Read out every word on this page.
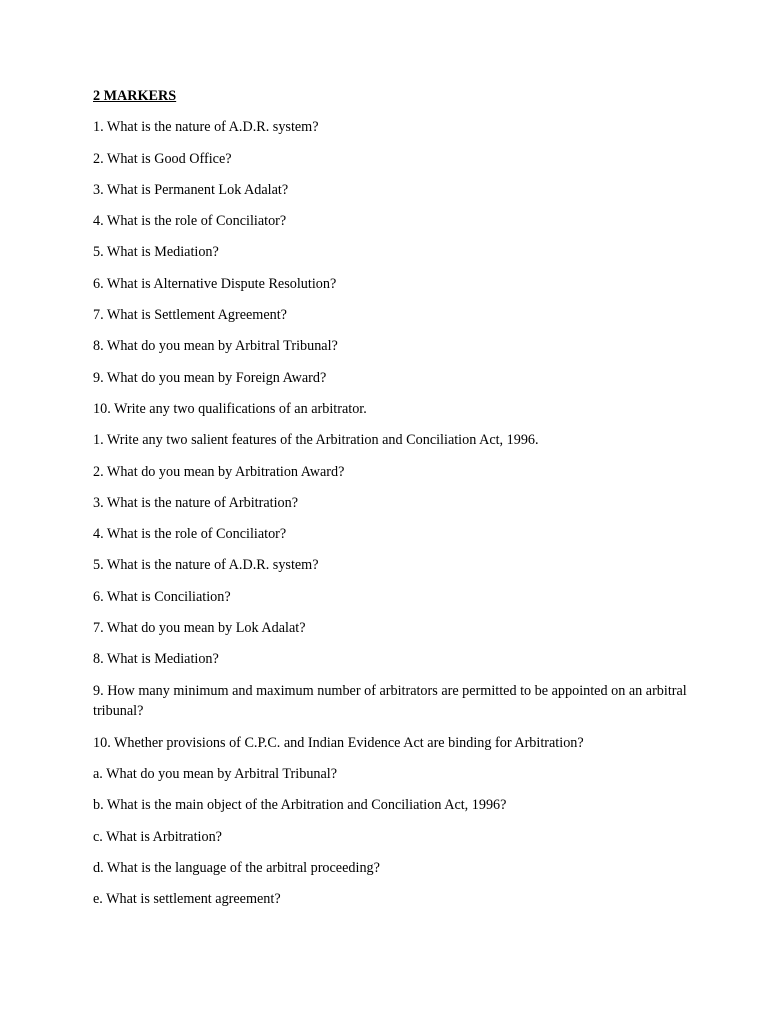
2 MARKERS

1. What is the nature of A.D.R. system?

2. What is Good Office?

3. What is Permanent Lok Adalat?

4. What is the role of Conciliator?

5. What is Mediation?

6. What is Alternative Dispute Resolution?

7. What is Settlement Agreement?

8. What do you mean by Arbitral Tribunal?

9. What do you mean by Foreign Award?

10. Write any two qualifications of an arbitrator.

1. Write any two salient features of the Arbitration and Conciliation Act, 1996.

2. What do you mean by Arbitration Award?

3. What is the nature of Arbitration?

4. What is the role of Conciliator?

5. What is the nature of A.D.R. system?

6. What is Conciliation?

7. What do you mean by Lok Adalat?

8. What is Mediation?

9. How many minimum and maximum number of arbitrators are permitted to be appointed on an arbitral tribunal?

10. Whether provisions of C.P.C. and Indian Evidence Act are binding for Arbitration?

a. What do you mean by Arbitral Tribunal?

b. What is the main object of the Arbitration and Conciliation Act, 1996?

c. What is Arbitration?

d. What is the language of the arbitral proceeding?

e. What is settlement agreement?
